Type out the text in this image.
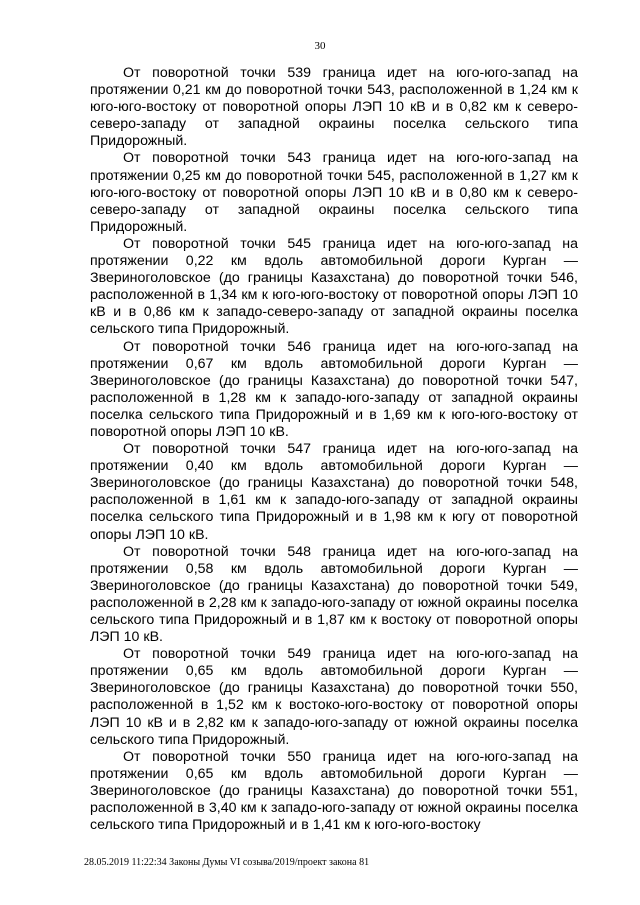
30

От поворотной точки 539 граница идет на юго-юго-запад на протяжении 0,21 км до поворотной точки 543, расположенной в 1,24 км к юго-юго-востоку от поворотной опоры ЛЭП 10 кВ и в 0,82 км к северо-северо-западу от западной окраины поселка сельского типа Придорожный.

От поворотной точки 543 граница идет на юго-юго-запад на протяжении 0,25 км до поворотной точки 545, расположенной в 1,27 км к юго-юго-востоку от поворотной опоры ЛЭП 10 кВ и в 0,80 км к северо-северо-западу от западной окраины поселка сельского типа Придорожный.

От поворотной точки 545 граница идет на юго-юго-запад на протяжении 0,22 км вдоль автомобильной дороги Курган — Звериноголовское (до границы Казахстана) до поворотной точки 546, расположенной в 1,34 км к юго-юго-востоку от поворотной опоры ЛЭП 10 кВ и в 0,86 км к западо-северо-западу от западной окраины поселка сельского типа Придорожный.

От поворотной точки 546 граница идет на юго-юго-запад на протяжении 0,67 км вдоль автомобильной дороги Курган — Звериноголовское (до границы Казахстана) до поворотной точки 547, расположенной в 1,28 км к западо-юго-западу от западной окраины поселка сельского типа Придорожный и в 1,69 км к юго-юго-востоку от поворотной опоры ЛЭП 10 кВ.

От поворотной точки 547 граница идет на юго-юго-запад на протяжении 0,40 км вдоль автомобильной дороги Курган — Звериноголовское (до границы Казахстана) до поворотной точки 548, расположенной в 1,61 км к западо-юго-западу от западной окраины поселка сельского типа Придорожный и в 1,98 км к югу от поворотной опоры ЛЭП 10 кВ.

От поворотной точки 548 граница идет на юго-юго-запад на протяжении 0,58 км вдоль автомобильной дороги Курган — Звериноголовское (до границы Казахстана) до поворотной точки 549, расположенной в 2,28 км к западо-юго-западу от южной окраины поселка сельского типа Придорожный и в 1,87 км к востоку от поворотной опоры ЛЭП 10 кВ.

От поворотной точки 549 граница идет на юго-юго-запад на протяжении 0,65 км вдоль автомобильной дороги Курган — Звериноголовское (до границы Казахстана) до поворотной точки 550, расположенной в 1,52 км к востоко-юго-востоку от поворотной опоры ЛЭП 10 кВ и в 2,82 км к западо-юго-западу от южной окраины поселка сельского типа Придорожный.

От поворотной точки 550 граница идет на юго-юго-запад на протяжении 0,65 км вдоль автомобильной дороги Курган — Звериноголовское (до границы Казахстана) до поворотной точки 551, расположенной в 3,40 км к западо-юго-западу от южной окраины поселка сельского типа Придорожный и в 1,41 км к юго-юго-востоку

28.05.2019 11:22:34 Законы Думы VI созыва/2019/проект закона 81
